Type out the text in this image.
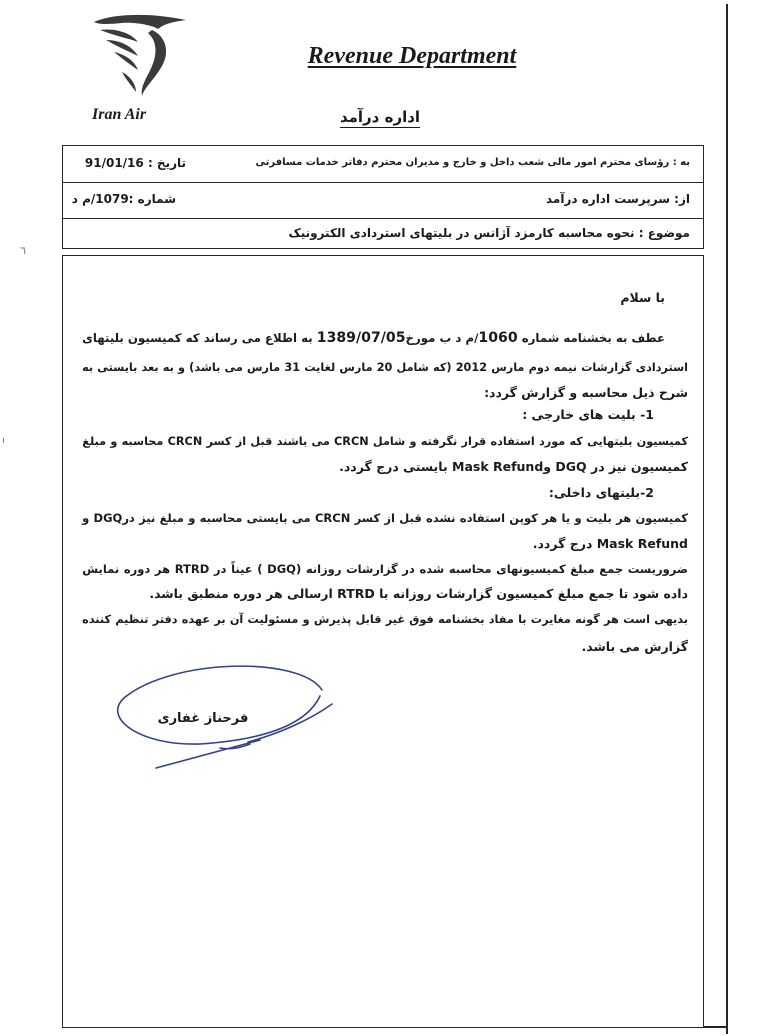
Revenue Department
Iran Air	اداره درآمد
به : رؤسای محترم امور مالی شعب داخل و خارج و مدیران محترم دفاتر خدمات مسافرتی
تاریخ : 91/01/16
از: سرپرست اداره درآمد
شماره :1079/م د
موضوع : نحوه محاسبه کارمزد آژانس در بلیتهای استردادی الکترونیک
با سلام
عطف به بخشنامه شماره 1060/م د ب مورخ1389/07/05 به اطلاع می رساند که کمیسیون بلیتهای
استردادی گزارشات نیمه دوم مارس 2012 (که شامل 20 مارس لغایت 31 مارس می باشد) و به بعد بایستی به
شرح ذیل محاسبه و گزارش گردد:
1- بلیت های خارجی :
کمیسیون بلیتهایی که مورد استفاده قرار نگرفته و شامل CRCN می باشند قبل از کسر CRCN محاسبه و مبلغ
کمیسیون نیز در DGQ وMask Refund بایستی درج گردد.
2-بلیتهای داخلی:
کمیسیون هر بلیت و یا هر کوپن استفاده نشده قبل از کسر CRCN می بایستی محاسبه و مبلغ نیز درDGQ و
Mask Refund درج گردد.
ضروریست جمع مبلغ کمیسیونهای محاسبه شده در گزارشات روزانه (DGQ ) عیناً در RTRD هر دوره نمایش
داده شود تا جمع مبلغ کمیسیون گزارشات روزانه با RTRD ارسالی هر دوره منطبق باشد.
بدیهی است هر گونه مغایرت با مفاد بخشنامه فوق غیر قابل پذیرش و مسئولیت آن بر عهده دفتر تنظیم کننده
گزارش می باشد.
فرحناز غفاری
٦
